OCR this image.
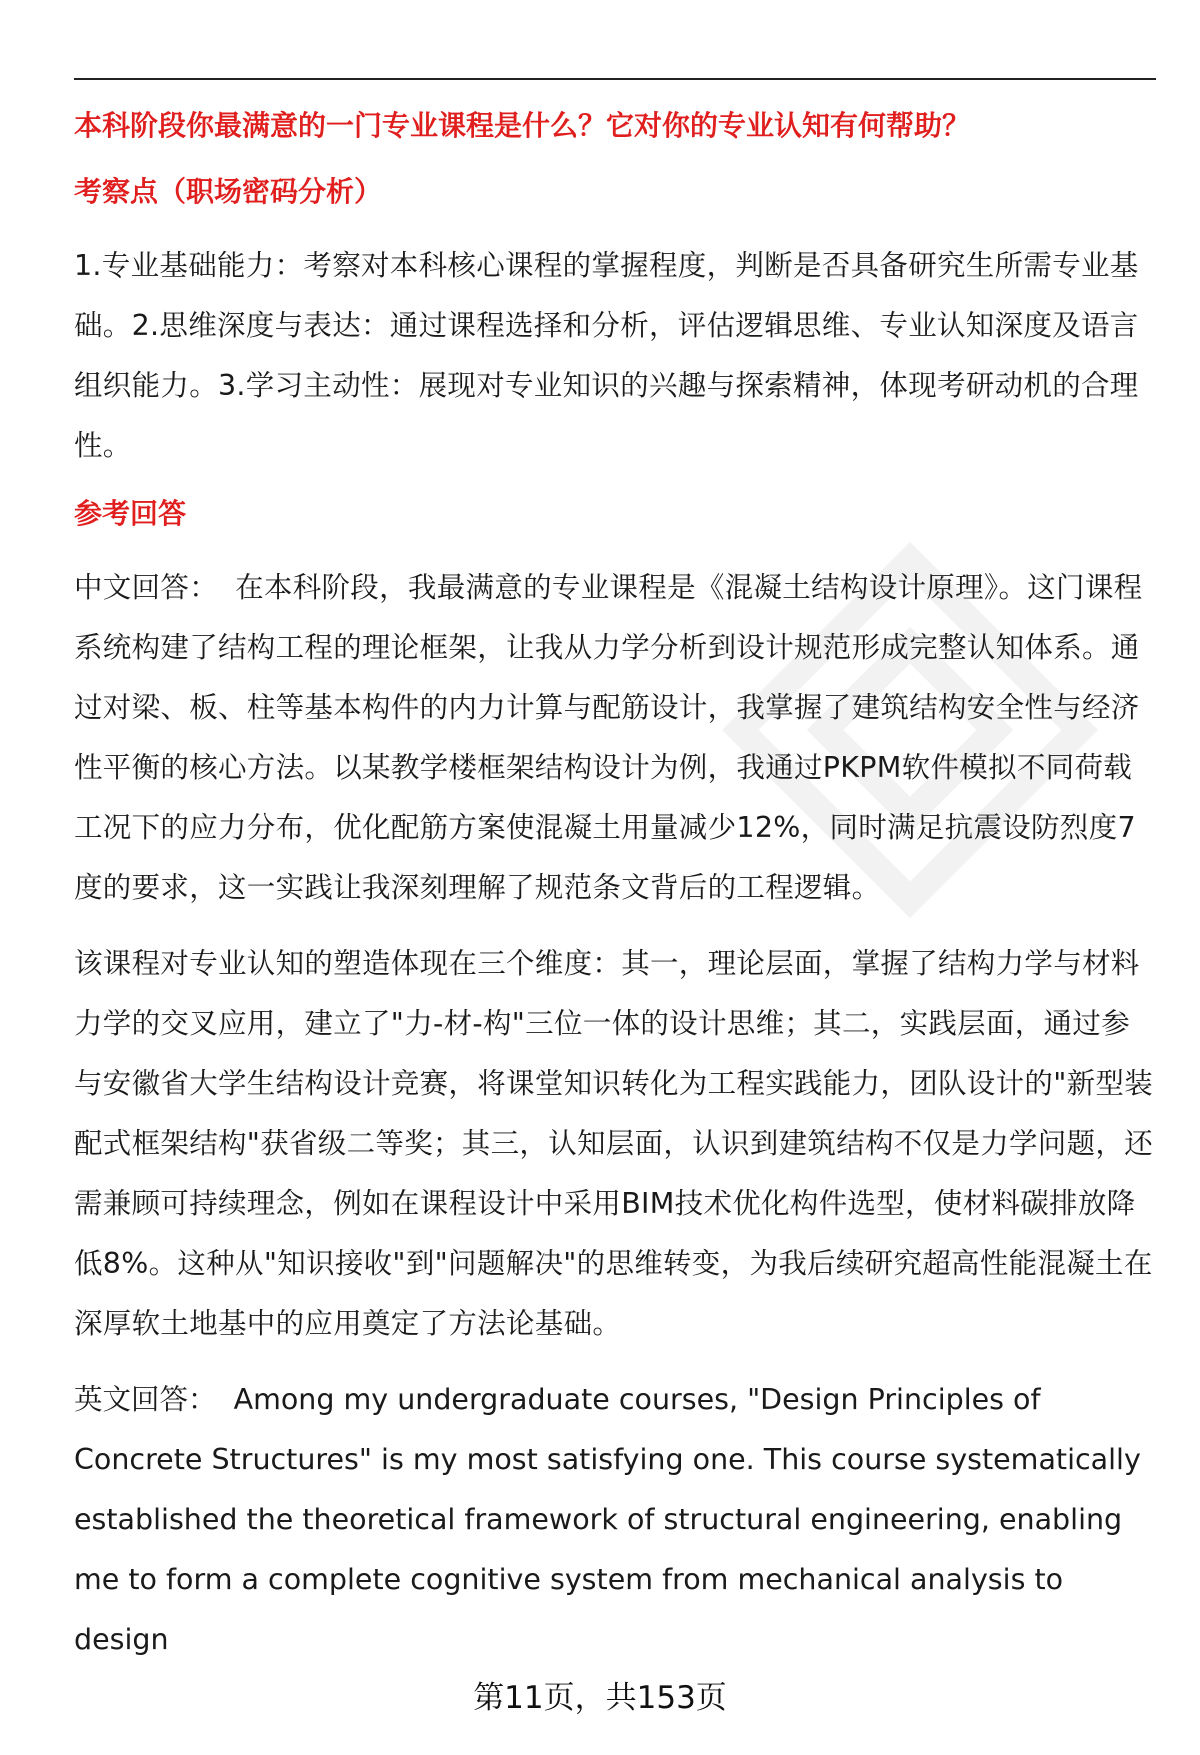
本科阶段你最满意的一门专业课程是什么？它对你的专业认知有何帮助？
考察点（职场密码分析）

1.专业基础能力：考察对本科核心课程的掌握程度，判断是否具备研究生所需专业基础。2.思维深度与表达：通过课程选择和分析，评估逻辑思维、专业认知深度及语言组织能力。3.学习主动性：展现对专业知识的兴趣与探索精神，体现考研动机的合理性。

参考回答

中文回答： 在本科阶段，我最满意的专业课程是《混凝土结构设计原理》。这门课程系统构建了结构工程的理论框架，让我从力学分析到设计规范形成完整认知体系。通过对梁、板、柱等基本构件的内力计算与配筋设计，我掌握了建筑结构安全性与经济性平衡的核心方法。以某教学楼框架结构设计为例，我通过PKPM软件模拟不同荷载工况下的应力分布，优化配筋方案使混凝土用量减少12%，同时满足抗震设防烈度7度的要求，这一实践让我深刻理解了规范条文背后的工程逻辑。

该课程对专业认知的塑造体现在三个维度：其一，理论层面，掌握了结构力学与材料力学的交叉应用，建立了"力-材-构"三位一体的设计思维；其二，实践层面，通过参与安徽省大学生结构设计竞赛，将课堂知识转化为工程实践能力，团队设计的"新型装配式框架结构"获省级二等奖；其三，认知层面，认识到建筑结构不仅是力学问题，还需兼顾可持续理念，例如在课程设计中采用BIM技术优化构件选型，使材料碳排放降低8%。这种从"知识接收"到"问题解决"的思维转变，为我后续研究超高性能混凝土在深厚软土地基中的应用奠定了方法论基础。

英文回答： Among my undergraduate courses, "Design Principles of Concrete Structures" is my most satisfying one. This course systematically established the theoretical framework of structural engineering, enabling me to form a complete cognitive system from mechanical analysis to design

第11页，共153页
